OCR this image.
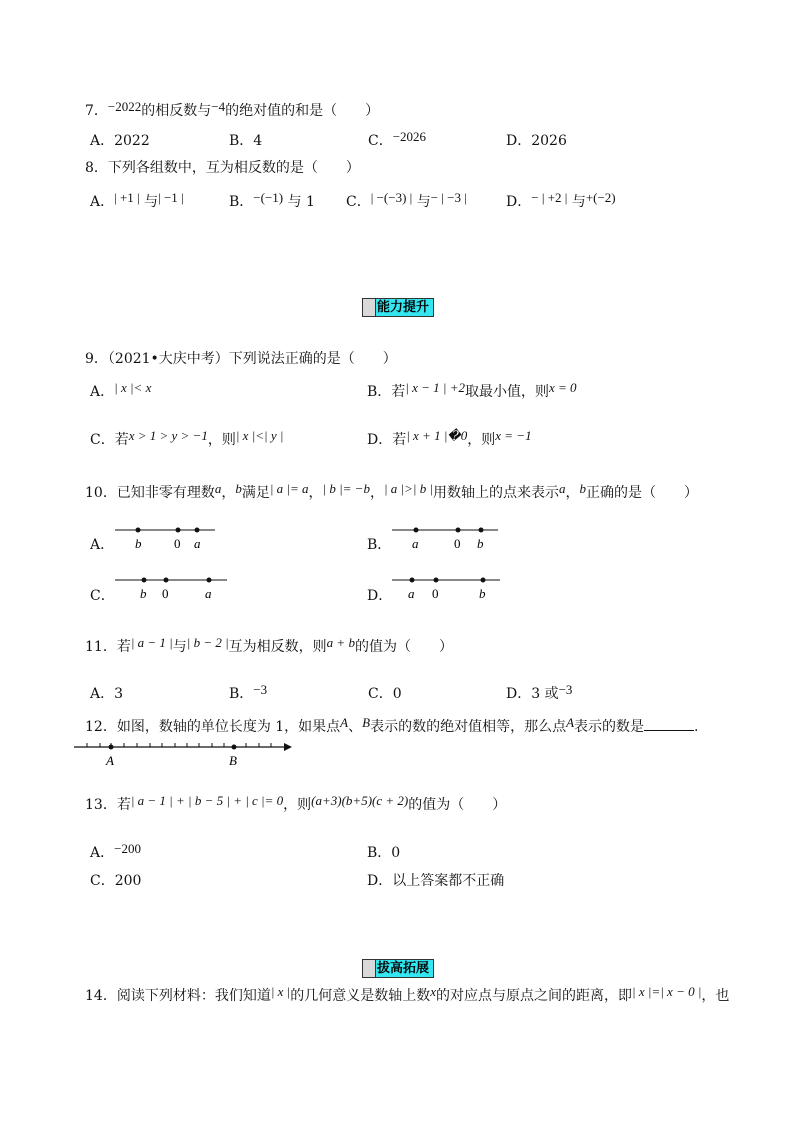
7．−2022的相反数与−4的绝对值的和是（　　）
A．2022	B．4	C．−2026	D．2026
8．下列各组数中，互为相反数的是（　　）
A．| +1 | 与| −1 |	B．−(−1) 与 1 C．| −(−3) | 与− | −3 |	D．− | +2 | 与+(−2)
能力提升
9．（2021•大庆中考）下列说法正确的是（　　）
A．| x |< x	B．若| x − 1 | +2取最小值，则x = 0
C．若x > 1 > y > −1，则| x |<| y |	D．若| x + 1 |�0，则x = −1
10．已知非零有理数a，b满足| a |= a，| b |= −b，| a |>| b |用数轴上的点来表示a，b正确的是（　　）
A． b	0 a	B． a	0 b
C． b 0	a	D． a 0	b
11．若| a − 1 |与| b − 2 |互为相反数，则a + b的值为（　　）
A．3	B．−3	C．0	D．3 或−3
12．如图，数轴的单位长度为 1，如果点A、B表示的数的绝对值相等，那么点A表示的数是	.
A	B
13．若| a − 1 | + | b − 5 | + | c |= 0，则(a+3)(b+5)(c + 2)的值为（　　）
A．−200	B．0
C．200	D．以上答案都不正确
拔高拓展
14．阅读下列材料：我们知道| x |的几何意义是数轴上数x的对应点与原点之间的距离，即| x |=| x − 0 |，也
